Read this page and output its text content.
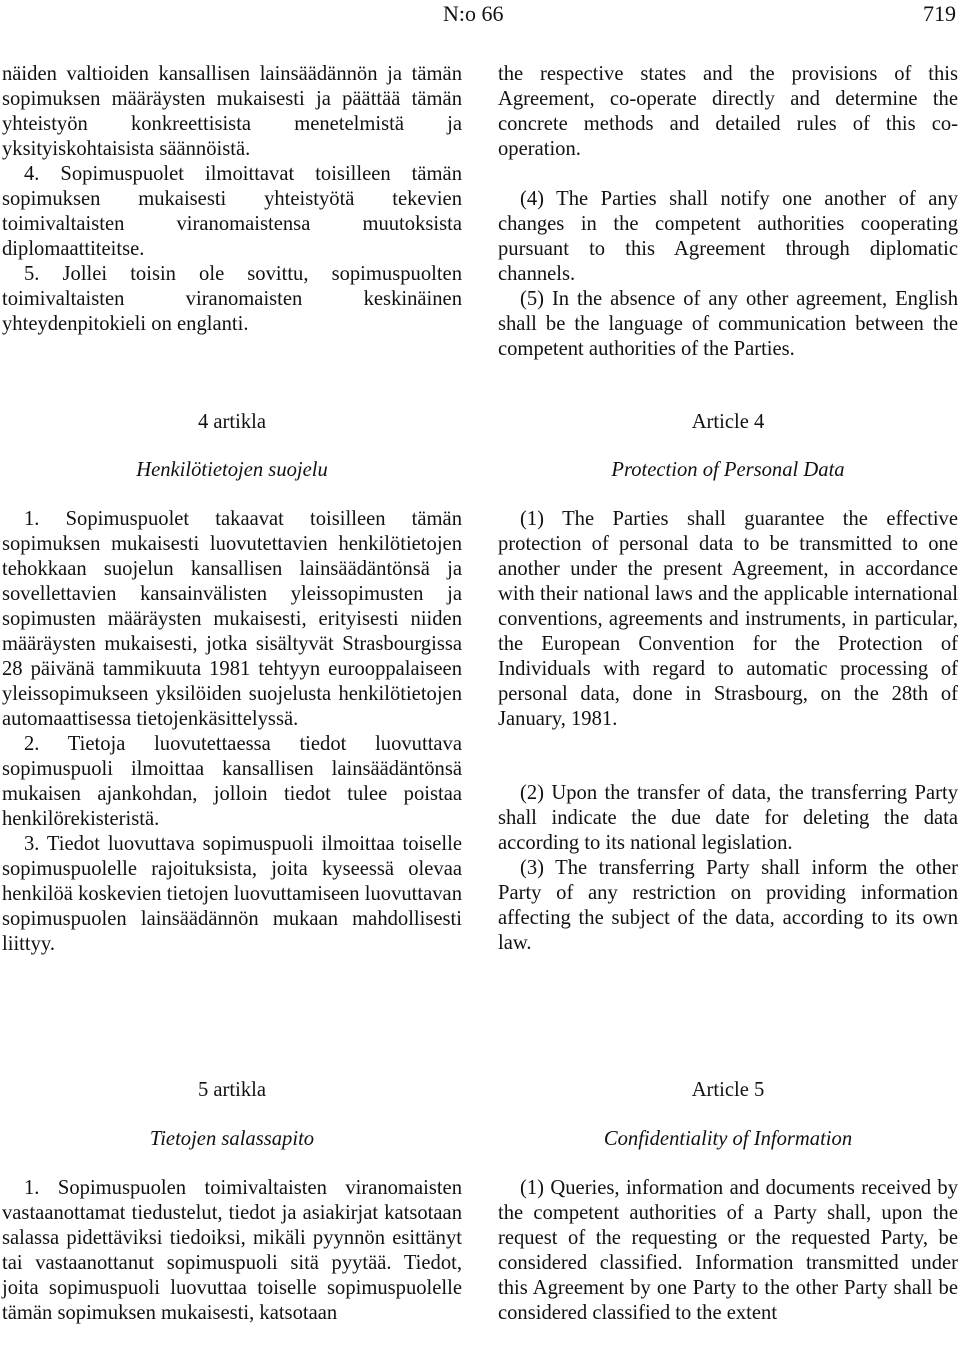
N:o 66	719

näiden valtioiden kansallisen lainsäädännön ja tämän sopimuksen määräysten mukaisesti ja päättää tämän yhteistyön konkreettisista menetelmistä ja yksityiskohtaisista säännöistä.

4. Sopimuspuolet ilmoittavat toisilleen tämän sopimuksen mukaisesti yhteistyötä tekevien toimivaltaisten viranomaistensa muutoksista diplomaattiteitse.

5. Jollei toisin ole sovittu, sopimuspuolten toimivaltaisten viranomaisten keskinäinen yhteydenpitokieli on englanti.

4 artikla
Henkilötietojen suojelu

1. Sopimuspuolet takaavat toisilleen tämän sopimuksen mukaisesti luovutettavien henkilötietojen tehokkaan suojelun kansallisen lainsäädäntönsä ja sovellettavien kansainvälisten yleissopimusten ja sopimusten määräysten mukaisesti, erityisesti niiden määräysten mukaisesti, jotka sisältyvät Strasbourgissa 28 päivänä tammikuuta 1981 tehtyyn eurooppalaiseen yleissopimukseen yksilöiden suojelusta henkilötietojen automaattisessa tietojenkäsittelyssä.

2. Tietoja luovutettaessa tiedot luovuttava sopimuspuoli ilmoittaa kansallisen lainsäädäntönsä mukaisen ajankohdan, jolloin tiedot tulee poistaa henkilörekisteristä.

3. Tiedot luovuttava sopimuspuoli ilmoittaa toiselle sopimuspuolelle rajoituksista, joita kyseessä olevaa henkilöä koskevien tietojen luovuttamiseen luovuttavan sopimuspuolen lainsäädännön mukaan mahdollisesti liittyy.

5 artikla
Tietojen salassapito

1. Sopimuspuolen toimivaltaisten viranomaisten vastaanottamat tiedustelut, tiedot ja asiakirjat katsotaan salassa pidettäviksi tiedoiksi, mikäli pyynnön esittänyt tai vastaanottanut sopimuspuoli sitä pyytää. Tiedot, joita sopimuspuoli luovuttaa toiselle sopimuspuolelle tämän sopimuksen mukaisesti, katsotaan

the respective states and the provisions of this Agreement, co-operate directly and determine the concrete methods and detailed rules of this co-operation.

(4) The Parties shall notify one another of any changes in the competent authorities cooperating pursuant to this Agreement through diplomatic channels.

(5) In the absence of any other agreement, English shall be the language of communication between the competent authorities of the Parties.

Article 4
Protection of Personal Data

(1) The Parties shall guarantee the effective protection of personal data to be transmitted to one another under the present Agreement, in accordance with their national laws and the applicable international conventions, agreements and instruments, in particular, the European Convention for the Protection of Individuals with regard to automatic processing of personal data, done in Strasbourg, on the 28th of January, 1981.

(2) Upon the transfer of data, the transferring Party shall indicate the due date for deleting the data according to its national legislation.

(3) The transferring Party shall inform the other Party of any restriction on providing information affecting the subject of the data, according to its own law.

Article 5
Confidentiality of Information

(1) Queries, information and documents received by the competent authorities of a Party shall, upon the request of the requesting or the requested Party, be considered classified. Information transmitted under this Agreement by one Party to the other Party shall be considered classified to the extent
